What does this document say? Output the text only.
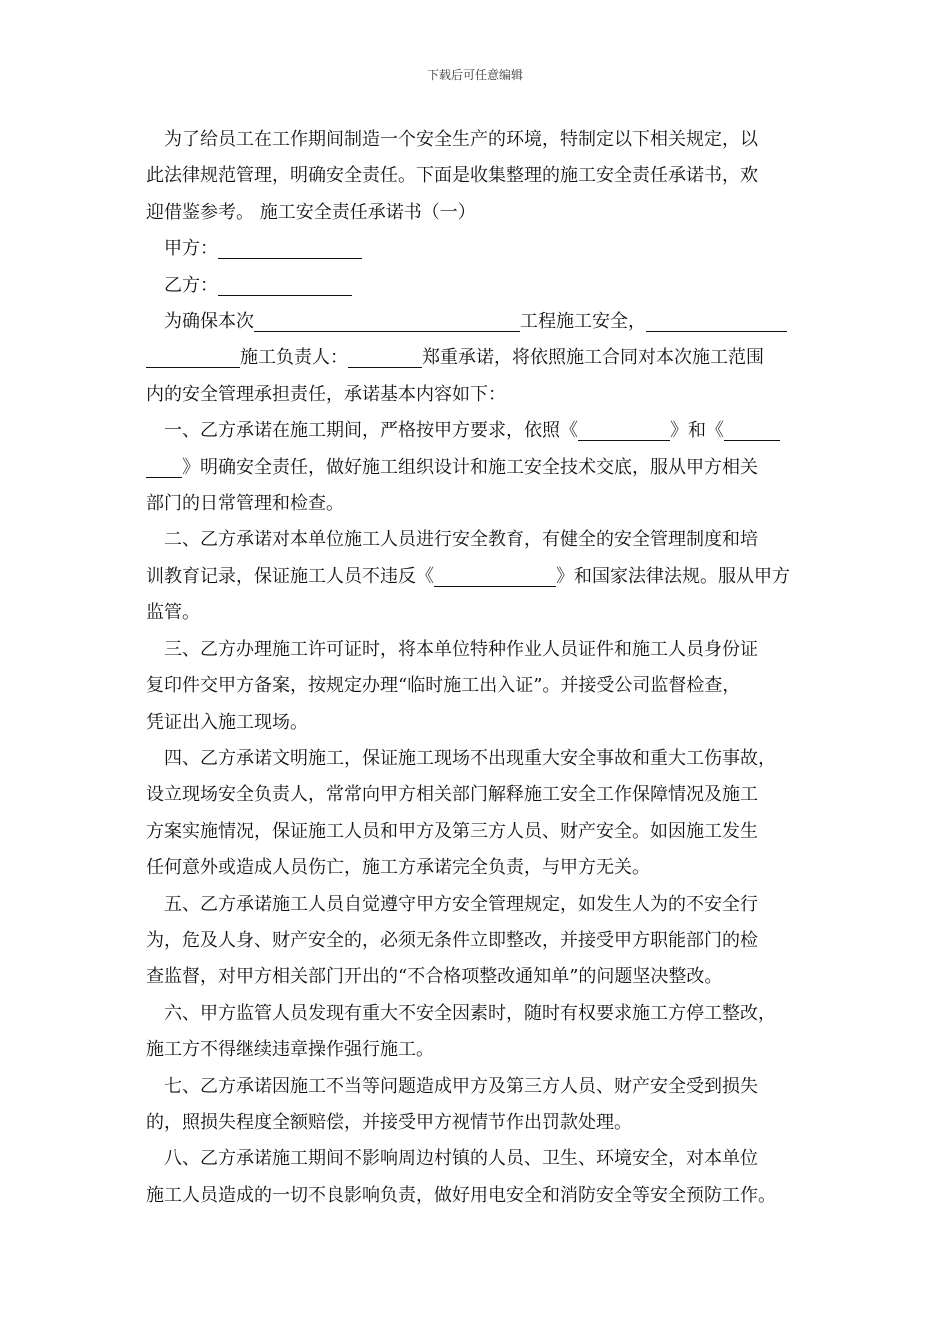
下载后可任意编辑

为了给员工在工作期间制造一个安全生产的环境，特制定以下相关规定，以

此法律规范管理，明确安全责任。下面是收集整理的施工安全责任承诺书，欢

迎借鉴参考。 施工安全责任承诺书（一）

甲方：

乙方：

为确保本次	工程施工安全，

施工负责人：	郑重承诺，将依照施工合同对本次施工范围

内的安全管理承担责任，承诺基本内容如下：

一、乙方承诺在施工期间，严格按甲方要求，依照《	》和《

》明确安全责任，做好施工组织设计和施工安全技术交底，服从甲方相关

部门的日常管理和检查。

二、乙方承诺对本单位施工人员进行安全教育，有健全的安全管理制度和培

训教育记录，保证施工人员不违反《	》和国家法律法规。服从甲方

监管。

三、乙方办理施工许可证时，将本单位特种作业人员证件和施工人员身份证

复印件交甲方备案，按规定办理“临时施工出入证”。并接受公司监督检查，

凭证出入施工现场。

四、乙方承诺文明施工，保证施工现场不出现重大安全事故和重大工伤事故，

设立现场安全负责人，常常向甲方相关部门解释施工安全工作保障情况及施工

方案实施情况，保证施工人员和甲方及第三方人员、财产安全。如因施工发生

任何意外或造成人员伤亡，施工方承诺完全负责，与甲方无关。

五、乙方承诺施工人员自觉遵守甲方安全管理规定，如发生人为的不安全行

为，危及人身、财产安全的，必须无条件立即整改，并接受甲方职能部门的检

查监督，对甲方相关部门开出的“不合格项整改通知单”的问题坚决整改。

六、甲方监管人员发现有重大不安全因素时，随时有权要求施工方停工整改，

施工方不得继续违章操作强行施工。

七、乙方承诺因施工不当等问题造成甲方及第三方人员、财产安全受到损失

的，照损失程度全额赔偿，并接受甲方视情节作出罚款处理。

八、乙方承诺施工期间不影响周边村镇的人员、卫生、环境安全，对本单位

施工人员造成的一切不良影响负责，做好用电安全和消防安全等安全预防工作。
